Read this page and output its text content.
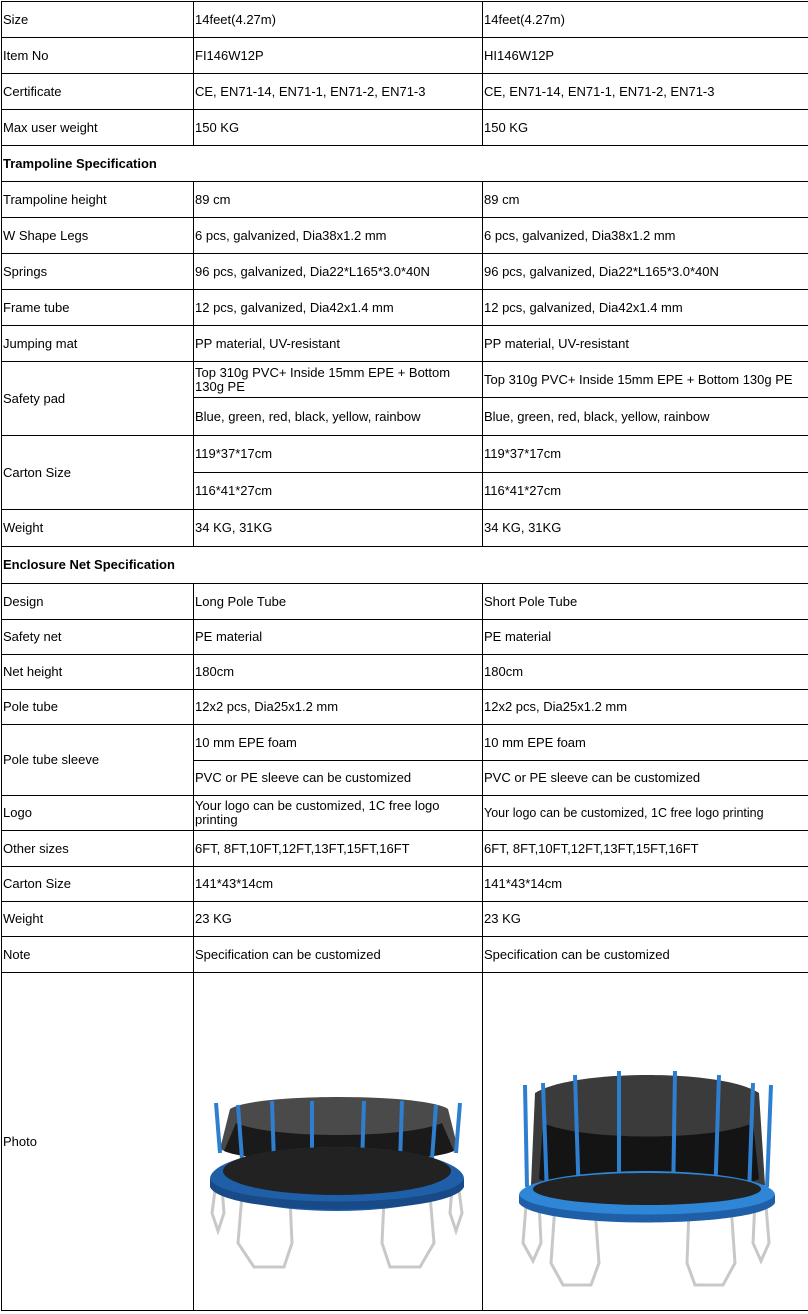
Size	14feet(4.27m)	14feet(4.27m)
Item No	FI146W12P	HI146W12P
Certificate	CE, EN71-14, EN71-1, EN71-2, EN71-3	CE, EN71-14, EN71-1, EN71-2, EN71-3
Max user weight	150 KG	150 KG
Trampoline Specification		
Trampoline height	89 cm	89 cm
W Shape Legs	6 pcs, galvanized, Dia38x1.2 mm	6 pcs, galvanized, Dia38x1.2 mm
Springs	96 pcs, galvanized, Dia22*L165*3.0*40N	96 pcs, galvanized, Dia22*L165*3.0*40N
Frame tube	12 pcs, galvanized, Dia42x1.4 mm	12 pcs, galvanized, Dia42x1.4 mm
Jumping mat	PP material, UV-resistant	PP material, UV-resistant
Safety pad	Top 310g PVC+ Inside 15mm EPE + Bottom 130g PE	Top 310g PVC+ Inside 15mm EPE + Bottom 130g PE
	Blue, green, red, black, yellow, rainbow	Blue, green, red, black, yellow, rainbow
Carton Size	119*37*17cm	119*37*17cm
	116*41*27cm	116*41*27cm
Weight	34 KG, 31KG	34 KG, 31KG
Enclosure Net Specification		
Design	Long Pole Tube	Short Pole Tube
Safety net	PE material	PE material
Net height	180cm	180cm
Pole tube	12x2 pcs, Dia25x1.2 mm	12x2 pcs, Dia25x1.2 mm
Pole tube sleeve	10 mm EPE foam	10 mm EPE foam
	PVC or PE sleeve can be customized	PVC or PE sleeve can be customized
Logo	Your logo can be customized, 1C free logo printing	Your logo can be customized, 1C free logo printing
Other sizes	6FT, 8FT,10FT,12FT,13FT,15FT,16FT	6FT, 8FT,10FT,12FT,13FT,15FT,16FT
Carton Size	141*43*14cm	141*43*14cm
Weight	23 KG	23 KG
Note	Specification can be customized	Specification can be customized
Photo	
